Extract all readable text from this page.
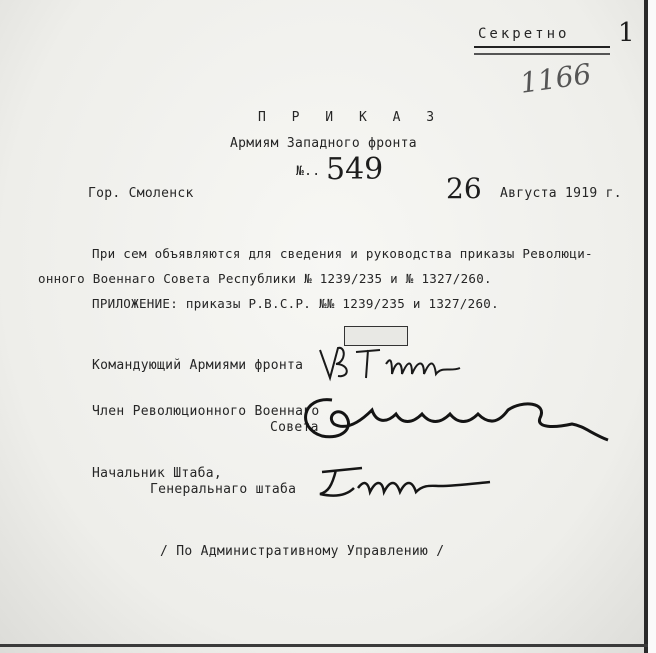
Секретно 1
1166
П Р И К А З
Армиям Западного фронта
№.. 549
Гор. Смоленск	26 Августа 1919 г.
При сем объявляются для сведения и руководства приказы Революци-
онного Военнаго Совета Республики № 1239/235 и № 1327/260.
ПРИЛОЖЕНИЕ: приказы Р.В.С.Р. №№ 1239/235 и 1327/260.
Командующий Армиями фронта
Член Революционного Военнаго
Совета
Начальник Штаба,
Генеральнаго штаба
/ По Административному Управлению /
